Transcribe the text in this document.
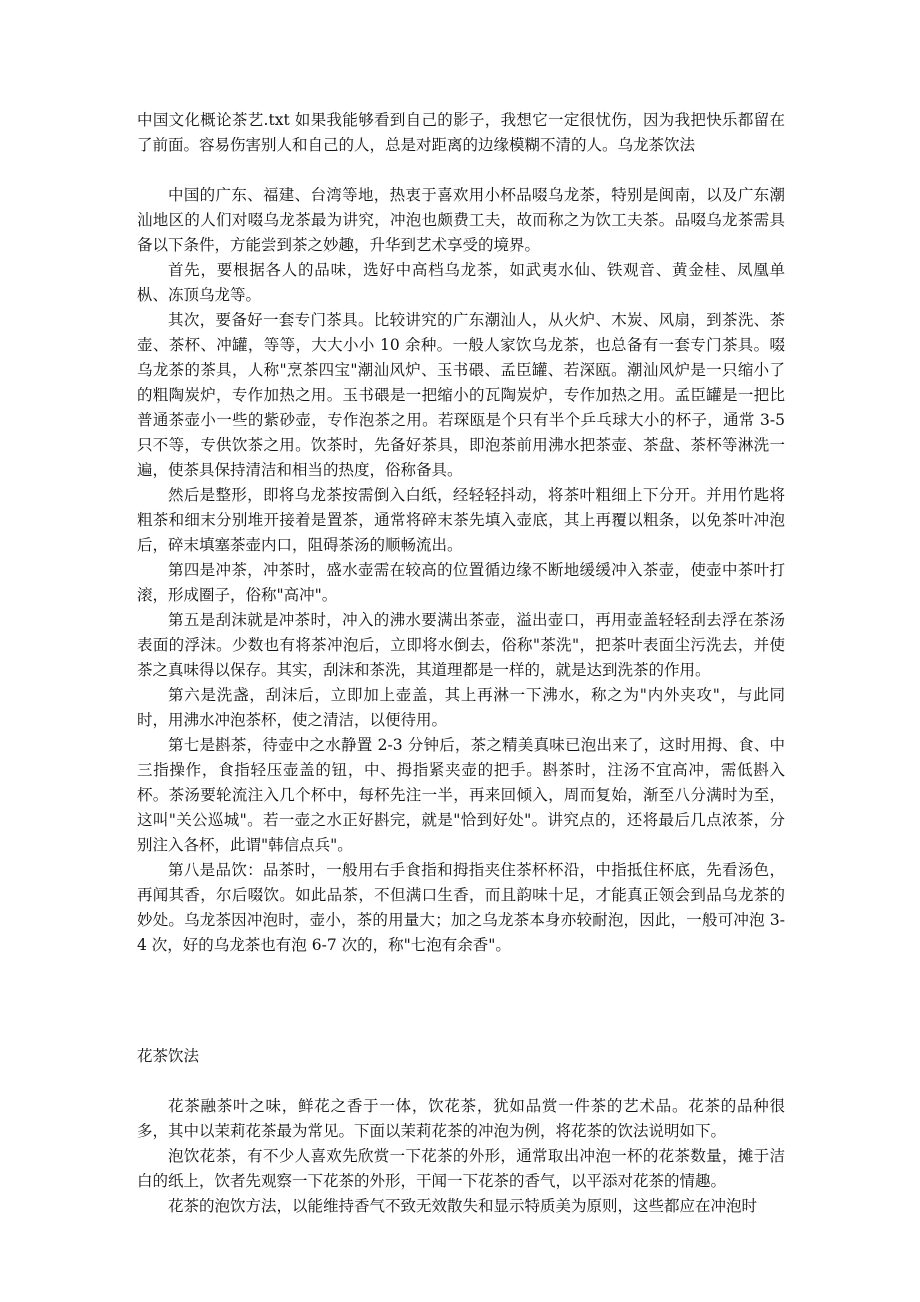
中国文化概论茶艺.txt 如果我能够看到自己的影子，我想它一定很忧伤，因为我把快乐都留在了前面。容易伤害别人和自己的人，总是对距离的边缘模糊不清的人。乌龙茶饮法

中国的广东、福建、台湾等地，热衷于喜欢用小杯品啜乌龙茶，特别是闽南，以及广东潮汕地区的人们对啜乌龙茶最为讲究，冲泡也颇费工夫，故而称之为饮工夫茶。品啜乌龙茶需具备以下条件，方能尝到茶之妙趣，升华到艺术享受的境界。

首先，要根据各人的品味，选好中高档乌龙茶，如武夷水仙、铁观音、黄金桂、凤凰单枞、冻顶乌龙等。

其次，要备好一套专门茶具。比较讲究的广东潮汕人，从火炉、木炭、风扇，到茶洗、茶壶、茶杯、冲罐，等等，大大小小 10 余种。一般人家饮乌龙茶，也总备有一套专门茶具。啜乌龙茶的茶具，人称"烹茶四宝"潮汕风炉、玉书碨、孟臣罐、若深瓯。潮汕风炉是一只缩小了的粗陶炭炉，专作加热之用。玉书碨是一把缩小的瓦陶炭炉，专作加热之用。孟臣罐是一把比普通茶壶小一些的紫砂壶，专作泡茶之用。若琛瓯是个只有半个乒乓球大小的杯子，通常 3-5 只不等，专供饮茶之用。饮茶时，先备好茶具，即泡茶前用沸水把茶壶、茶盘、茶杯等淋洗一遍，使茶具保持清洁和相当的热度，俗称备具。

然后是整形，即将乌龙茶按需倒入白纸，经轻轻抖动，将茶叶粗细上下分开。并用竹匙将粗茶和细末分别堆开接着是置茶，通常将碎末茶先填入壶底，其上再覆以粗条，以免茶叶冲泡后，碎末填塞茶壶内口，阻碍茶汤的顺畅流出。

第四是冲茶，冲茶时，盛水壶需在较高的位置循边缘不断地缓缓冲入茶壶，使壶中茶叶打滚，形成圈子，俗称"高冲"。

第五是刮沫就是冲茶时，冲入的沸水要满出茶壶，溢出壶口，再用壶盖轻轻刮去浮在茶汤表面的浮沫。少数也有将茶冲泡后，立即将水倒去，俗称"茶洗"，把茶叶表面尘污洗去，并使茶之真味得以保存。其实，刮沫和茶洗，其道理都是一样的，就是达到洗茶的作用。

第六是洗盏，刮沫后，立即加上壶盖，其上再淋一下沸水，称之为"内外夹攻"，与此同时，用沸水冲泡茶杯，使之清洁，以便待用。

第七是斟茶，待壶中之水静置 2-3 分钟后，茶之精美真味已泡出来了，这时用拇、食、中三指操作，食指轻压壶盖的钮，中、拇指紧夹壶的把手。斟茶时，注汤不宜高冲，需低斟入杯。茶汤要轮流注入几个杯中，每杯先注一半，再来回倾入，周而复始，渐至八分满时为至，这叫"关公巡城"。若一壶之水正好斟完，就是"恰到好处"。讲究点的，还将最后几点浓茶，分别注入各杯，此谓"韩信点兵"。

第八是品饮：品茶时，一般用右手食指和拇指夹住茶杯杯沿，中指抵住杯底，先看汤色，再闻其香，尔后啜饮。如此品茶，不但满口生香，而且韵味十足，才能真正领会到品乌龙茶的妙处。乌龙茶因冲泡时，壶小，茶的用量大；加之乌龙茶本身亦较耐泡，因此，一般可冲泡 3-4 次，好的乌龙茶也有泡 6-7 次的，称"七泡有余香"。

花茶饮法

花茶融茶叶之味，鲜花之香于一体，饮花茶，犹如品赏一件茶的艺术品。花茶的品种很多，其中以茉莉花茶最为常见。下面以茉莉花茶的冲泡为例，将花茶的饮法说明如下。

泡饮花茶，有不少人喜欢先欣赏一下花茶的外形，通常取出冲泡一杯的花茶数量，摊于洁白的纸上，饮者先观察一下花茶的外形，干闻一下花茶的香气，以平添对花茶的情趣。

花茶的泡饮方法，以能维持香气不致无效散失和显示特质美为原则，这些都应在冲泡时
